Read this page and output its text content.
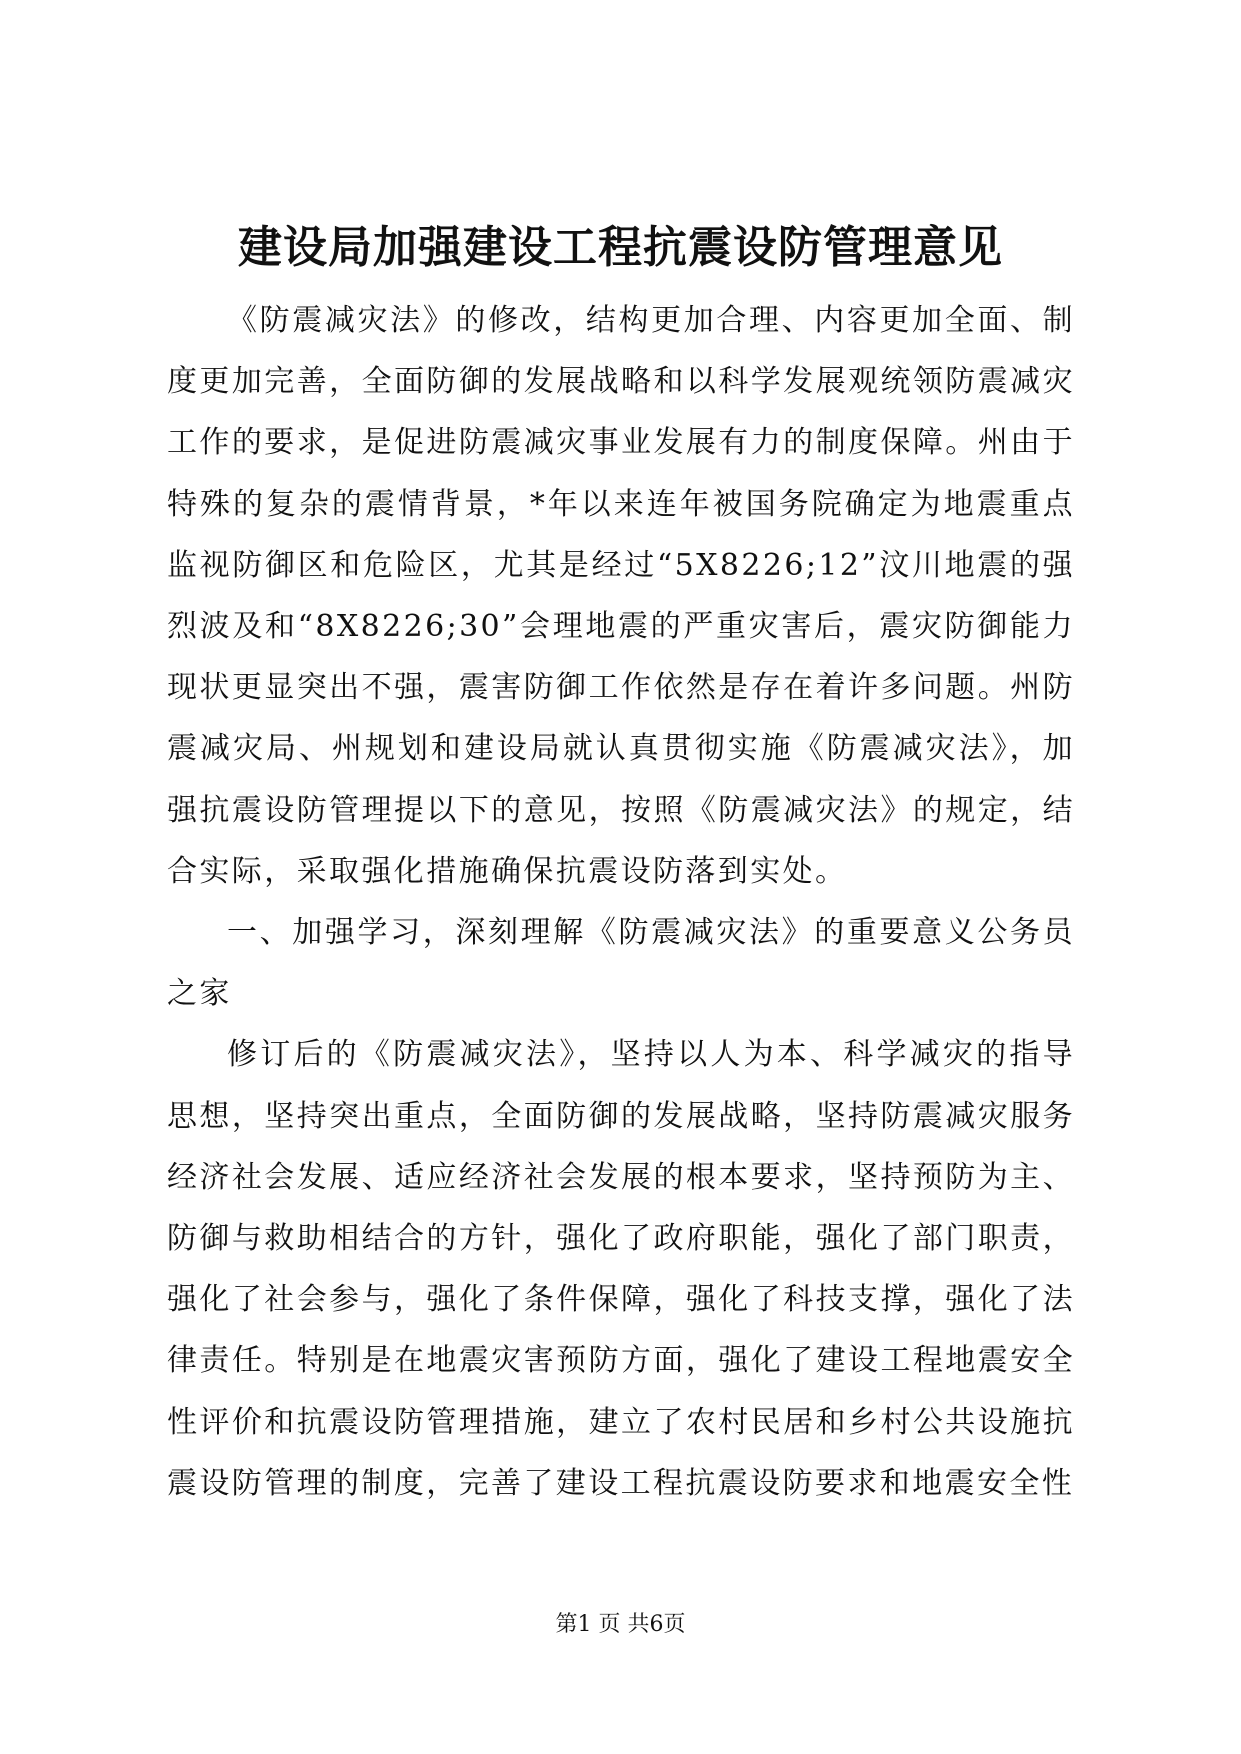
建设局加强建设工程抗震设防管理意见

《防震减灾法》的修改，结构更加合理、内容更加全面、制度更加完善，全面防御的发展战略和以科学发展观统领防震减灾工作的要求，是促进防震减灾事业发展有力的制度保障。州由于特殊的复杂的震情背景，*年以来连年被国务院确定为地震重点监视防御区和危险区，尤其是经过“5X8226;12”汶川地震的强烈波及和“8X8226;30”会理地震的严重灾害后，震灾防御能力现状更显突出不强，震害防御工作依然是存在着许多问题。州防震减灾局、州规划和建设局就认真贯彻实施《防震减灾法》，加强抗震设防管理提以下的意见，按照《防震减灾法》的规定，结合实际，采取强化措施确保抗震设防落到实处。

一、加强学习，深刻理解《防震减灾法》的重要意义公务员之家

修订后的《防震减灾法》，坚持以人为本、科学减灾的指导思想，坚持突出重点，全面防御的发展战略，坚持防震减灾服务经济社会发展、适应经济社会发展的根本要求，坚持预防为主、防御与救助相结合的方针，强化了政府职能，强化了部门职责，强化了社会参与，强化了条件保障，强化了科技支撑，强化了法律责任。特别是在地震灾害预防方面，强化了建设工程地震安全性评价和抗震设防管理措施，建立了农村民居和乡村公共设施抗震设防管理的制度，完善了建设工程抗震设防要求和地震安全性

第1 页 共6页
